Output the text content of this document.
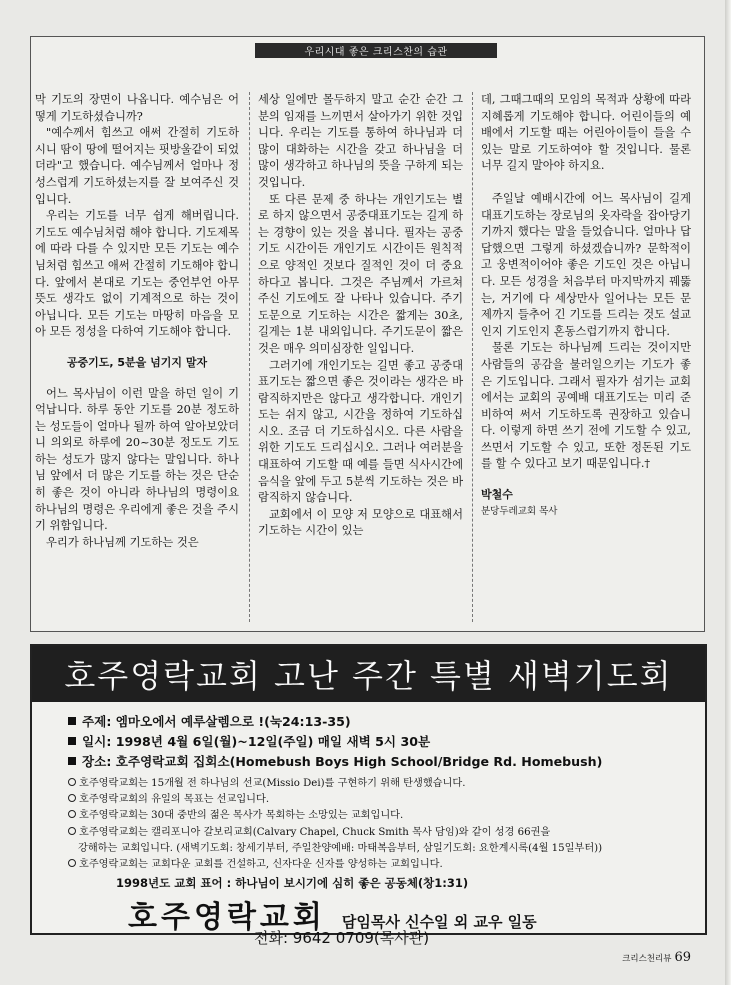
우리시대 좋은 크리스찬의 습관

막 기도의 장면이 나옵니다. 예수님은 어떻게 기도하셨습니까?

"예수께서 힘쓰고 애써 간절히 기도하시니 땀이 땅에 떨어지는 핏방울같이 되었더라"고 했습니다. 예수님께서 얼마나 정성스럽게 기도하셨는지를 잘 보여주신 것입니다.

우리는 기도를 너무 쉽게 해버립니다. 기도도 예수님처럼 해야 합니다. 기도제목에 따라 다를 수 있지만 모든 기도는 예수님처럼 힘쓰고 애써 간절히 기도해야 합니다. 앞에서 본대로 기도는 중언부언 아무 뜻도 생각도 없이 기계적으로 하는 것이 아닙니다. 모든 기도는 마땅히 마음을 모아 모든 정성을 다하여 기도해야 합니다.

공중기도, 5분을 넘기지 말자

어느 목사님이 이런 말을 하던 일이 기억납니다. 하루 동안 기도를 20분 정도하는 성도들이 얼마나 될까 하여 알아보았더니 의외로 하루에 20~30분 정도도 기도하는 성도가 많지 않다는 말입니다. 하나님 앞에서 더 많은 기도를 하는 것은 단순히 좋은 것이 아니라 하나님의 명령이요 하나님의 명령은 우리에게 좋은 것을 주시기 위함입니다.

우리가 하나님께 기도하는 것은

세상 일에만 몰두하지 말고 순간 순간 그분의 임재를 느끼면서 살아가기 위한 것입니다. 우리는 기도를 통하여 하나님과 더 많이 대화하는 시간을 갖고 하나님을 더 많이 생각하고 하나님의 뜻을 구하게 되는 것입니다.

또 다른 문제 중 하나는 개인기도는 별로 하지 않으면서 공중대표기도는 길게 하는 경향이 있는 것을 봅니다. 필자는 공중기도 시간이든 개인기도 시간이든 원칙적으로 양적인 것보다 질적인 것이 더 중요하다고 봅니다. 그것은 주님께서 가르쳐 주신 기도에도 잘 나타나 있습니다. 주기도문으로 기도하는 시간은 짧게는 30초, 길게는 1분 내외입니다. 주기도문이 짧은 것은 매우 의미심장한 일입니다.

그러기에 개인기도는 길면 좋고 공중대표기도는 짧으면 좋은 것이라는 생각은 바람직하지만은 않다고 생각합니다. 개인기도는 쉬지 않고, 시간을 정하여 기도하십시오. 조금 더 기도하십시오. 다른 사람을 위한 기도도 드리십시오. 그러나 여러분을 대표하여 기도할 때 예를 들면 식사시간에 음식을 앞에 두고 5분씩 기도하는 것은 바람직하지 않습니다.

교회에서 이 모양 저 모양으로 대표해서 기도하는 시간이 있는

데, 그때그때의 모임의 목적과 상황에 따라 지혜롭게 기도해야 합니다. 어린이들의 예배에서 기도할 때는 어린아이들이 들을 수 있는 말로 기도하여야 할 것입니다. 물론 너무 길지 말아야 하지요.

주일날 예배시간에 어느 목사님이 길게 대표기도하는 장로님의 옷자락을 잡아당기기까지 했다는 말을 들었습니다. 얼마나 답답했으면 그렇게 하셨겠습니까? 문학적이고 웅변적이어야 좋은 기도인 것은 아닙니다. 모든 성경을 처음부터 마지막까지 꿰뚫는, 거기에 다 세상만사 일어나는 모든 문제까지 들추어 긴 기도를 드리는 것도 설교인지 기도인지 혼동스럽기까지 합니다.

물론 기도는 하나님께 드리는 것이지만 사람들의 공감을 불러일으키는 기도가 좋은 기도입니다. 그래서 필자가 섬기는 교회에서는 교회의 공예배 대표기도는 미리 준비하여 써서 기도하도록 권장하고 있습니다. 이렇게 하면 쓰기 전에 기도할 수 있고, 쓰면서 기도할 수 있고, 또한 정돈된 기도를 할 수 있다고 보기 때문입니다.†

박철수
분당두레교회 목사
호주영락교회 고난 주간 특별 새벽기도회
주제: 엠마오에서 예루살렘으로 !(눅24:13-35)
일시: 1998년 4월 6일(월)~12일(주일) 매일 새벽 5시 30분
장소: 호주영락교회 집회소(Homebush Boys High School/Bridge Rd. Homebush)
호주영락교회는 15개월 전 하나님의 선교(Missio Dei)를 구현하기 위해 탄생했습니다.
호주영락교회의 유일의 목표는 선교입니다.
호주영락교회는 30대 중반의 젊은 목사가 목회하는 소망있는 교회입니다.
호주영락교회는 캘리포니아 갈보리교회(Calvary Chapel, Chuck Smith 목사 담임)와 같이 성경 66권을
강해하는 교회입니다. (새벽기도회: 창세기부터, 주일찬양예배: 마태복음부터, 삼일기도회: 요한계시록(4월 15일부터))
호주영락교회는 교회다운 교회를 건설하고, 신자다운 신자를 양성하는 교회입니다.
1998년도 교회 표어 : 하나님이 보시기에 심히 좋은 공동체(창1:31)
호주영락교회 담임목사 신수일 외 교우 일동
전화: 9642 0709(목사관)
크리스천리뷰 69
